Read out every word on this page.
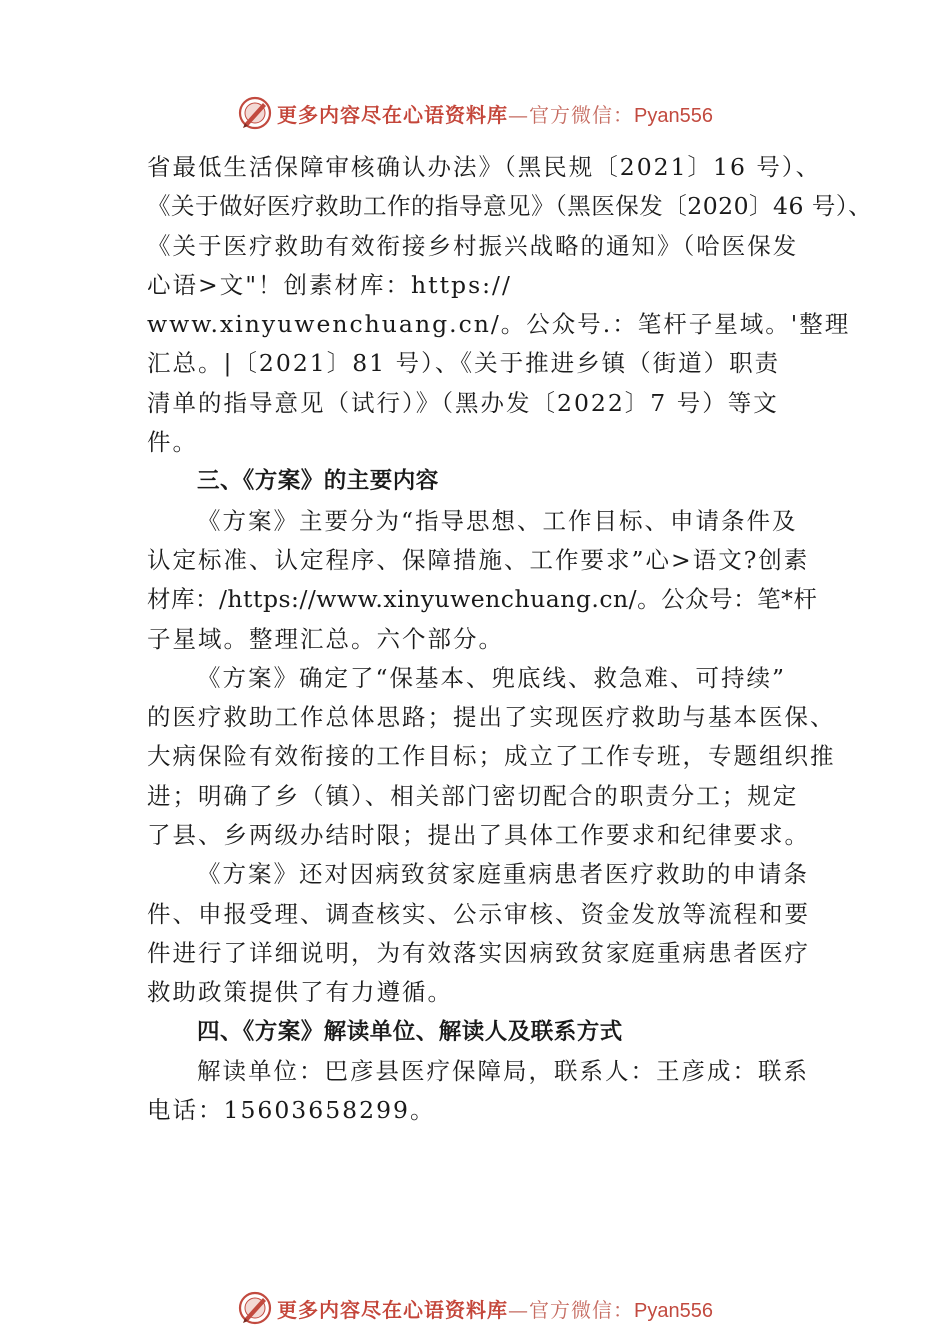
更多内容尽在心语资料库—官方微信：Pyan556
省最低生活保障审核确认办法》（黑民规〔2021〕16 号）、
《关于做好医疗救助工作的指导意见》（黑医保发〔2020〕46 号）、
《关于医疗救助有效衔接乡村振兴战略的通知》（哈医保发
心语>文"！创素材库：https://
www.xinyuwenchuang.cn/。公众号.：笔杆子星域。'整理
汇总。|〔2021〕81 号）、《关于推进乡镇（街道）职责
清单的指导意见（试行）》（黑办发〔2022〕7 号）等文
件。
三、《方案》的主要内容
《方案》主要分为“指导思想、工作目标、申请条件及
认定标准、认定程序、保障措施、工作要求”心>语文?创素
材库：/https://www.xinyuwenchuang.cn/。公众号：笔*杆
子星域。整理汇总。六个部分。
《方案》确定了“保基本、兜底线、救急难、可持续”
的医疗救助工作总体思路；提出了实现医疗救助与基本医保、
大病保险有效衔接的工作目标；成立了工作专班，专题组织推
进；明确了乡（镇）、相关部门密切配合的职责分工；规定
了县、乡两级办结时限；提出了具体工作要求和纪律要求。
《方案》还对因病致贫家庭重病患者医疗救助的申请条
件、申报受理、调查核实、公示审核、资金发放等流程和要
件进行了详细说明，为有效落实因病致贫家庭重病患者医疗
救助政策提供了有力遵循。
四、《方案》解读单位、解读人及联系方式
解读单位：巴彦县医疗保障局，联系人：王彦成：联系
电话：15603658299。
更多内容尽在心语资料库—官方微信：Pyan556
